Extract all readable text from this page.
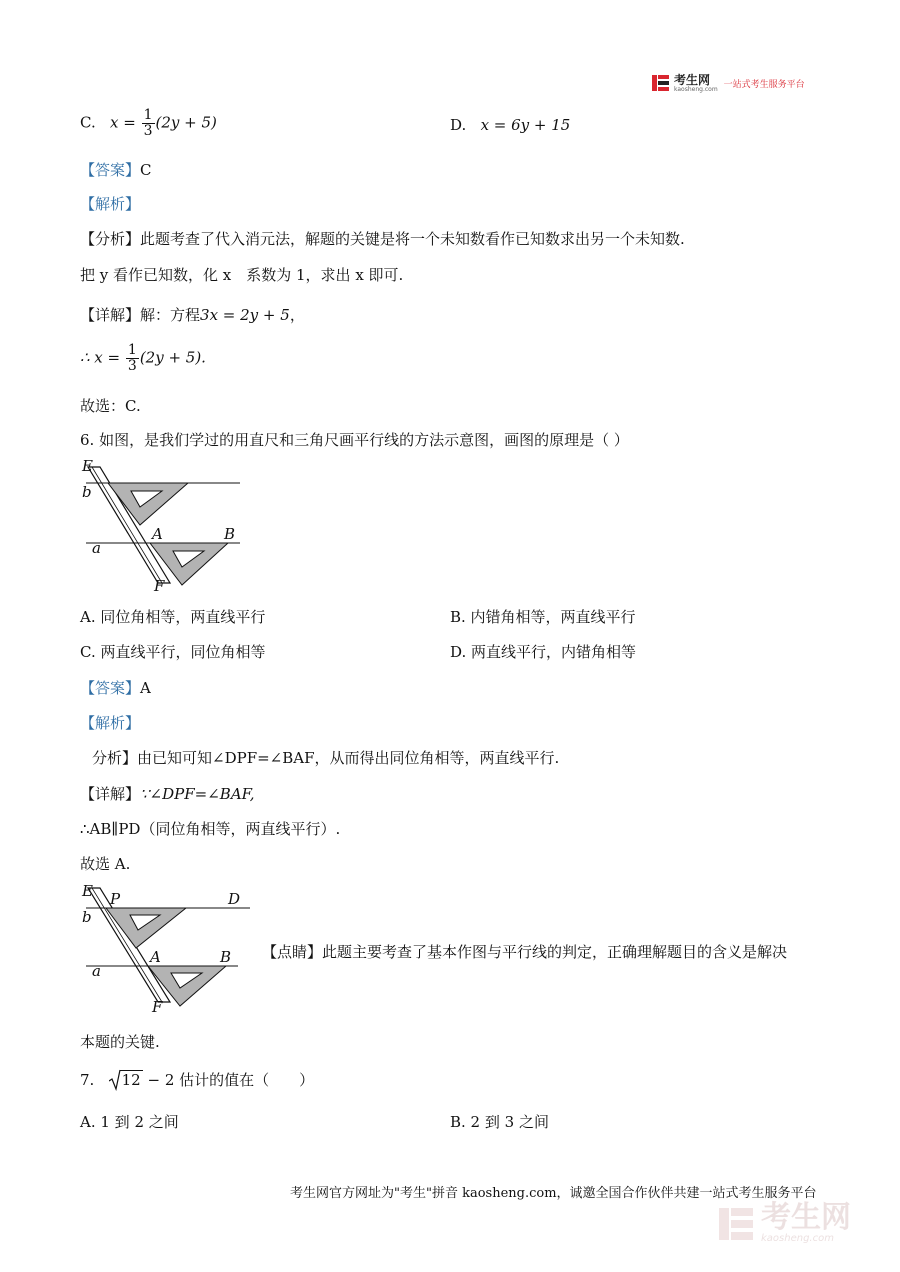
考生网
kaosheng.com 一站式考生服务平台
C. $x = \frac{1}{3} (2y + 5)$	D. x = 6y + 15
【答案】C
【解析】
【分析】此题考查了代入消元法，解题的关键是将一个未知数看作已知数求出另一个未知数.
把 y 看作已知数，化 x　系数为 1，求出 x 即可.
【详解】解：方程3x = 2y + 5，
∴ $x = \frac{1}{3} (2y + 5)$.
故选：C.
6. 如图，是我们学过的用直尺和三角尺画平行线的方法示意图，画图的原理是（ ）
E
b
A	B
a
F
A. 同位角相等，两直线平行	B. 内错角相等，两直线平行
C. 两直线平行，同位角相等	D. 两直线平行，内错角相等
【答案】A
【解析】
分析】由已知可知∠DPF=∠BAF，从而得出同位角相等，两直线平行.
【详解】∵∠DPF=∠BAF,
∴AB∥PD（同位角相等，两直线平行）.
故选 A.
E P	D
b
A	B
a
F
【点睛】此题主要考查了基本作图与平行线的判定，正确理解题目的含义是解决
本题的关键.
7. 12 − 2 估计的值在（　　）
A. 1 到 2 之间	B. 2 到 3 之间
考生网官方网址为"考生"拼音 kaosheng.com，诚邀全国合作伙伴共建一站式考生服务平台
考生网
kaosheng.com
